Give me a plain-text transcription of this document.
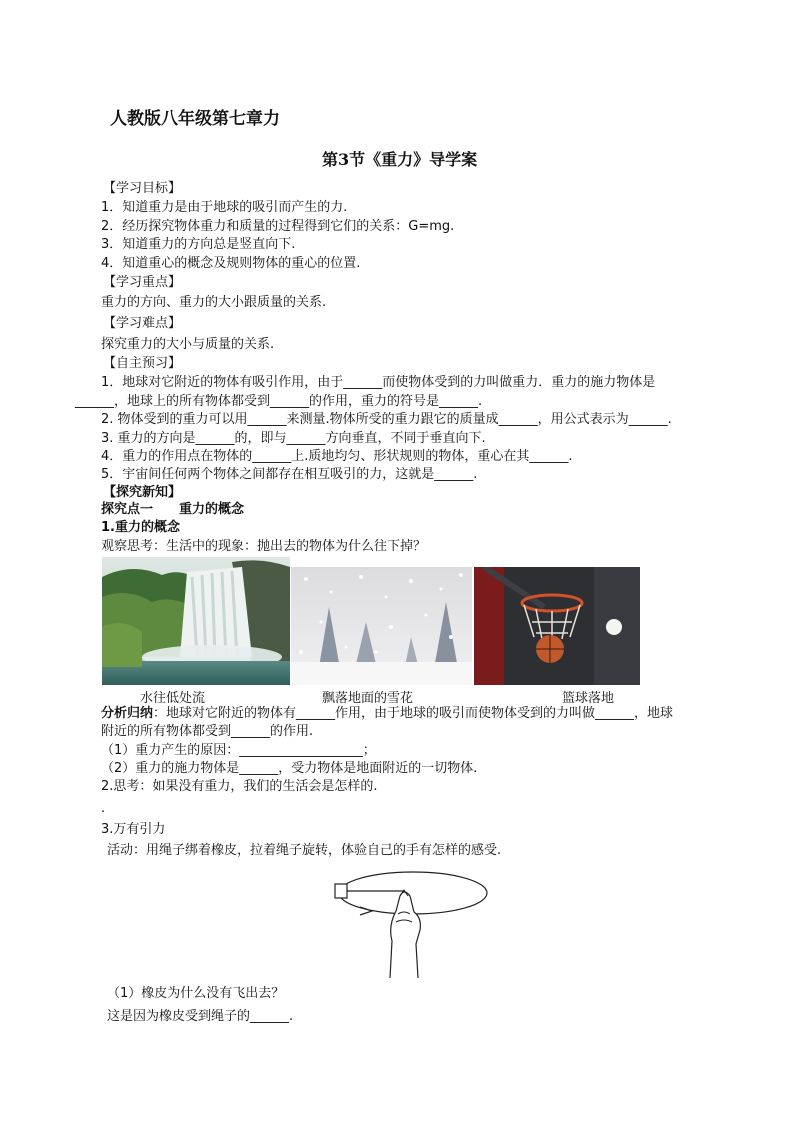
人教版八年级第七章力
第3节《重力》导学案
【学习目标】
1．知道重力是由于地球的吸引而产生的力.
2．经历探究物体重力和质量的过程得到它们的关系：G=mg.
3．知道重力的方向总是竖直向下.
4．知道重心的概念及规则物体的重心的位置.
【学习重点】
重力的方向、重力的大小跟质量的关系.
【学习难点】
探究重力的大小与质量的关系.
【自主预习】
1．地球对它附近的物体有吸引作用，由于______而使物体受到的力叫做重力．重力的施力物体是
______，地球上的所有物体都受到______的作用，重力的符号是______.
2. 物体受到的重力可以用______来测量.物体所受的重力跟它的质量成______，用公式表示为______.
3. 重力的方向是______的，即与______方向垂直，不同于垂直向下.
4．重力的作用点在物体的______上.质地均匀、形状规则的物体，重心在其______.
5．宇宙间任何两个物体之间都存在相互吸引的力，这就是______.
【探究新知】
探究点一　　重力的概念
1.重力的概念
观察思考：生活中的现象：抛出去的物体为什么往下掉？
水往低处流	飘落地面的雪花	篮球落地
分析归纳：地球对它附近的物体有______作用，由于地球的吸引而使物体受到的力叫做______，地球
附近的所有物体都受到______的作用.
（1）重力产生的原因：___________________；
（2）重力的施力物体是______，受力物体是地面附近的一切物体.
2.思考：如果没有重力，我们的生活会是怎样的.
.
3.万有引力
活动：用绳子绑着橡皮，拉着绳子旋转，体验自己的手有怎样的感受.
（1）橡皮为什么没有飞出去？
这是因为橡皮受到绳子的______.
